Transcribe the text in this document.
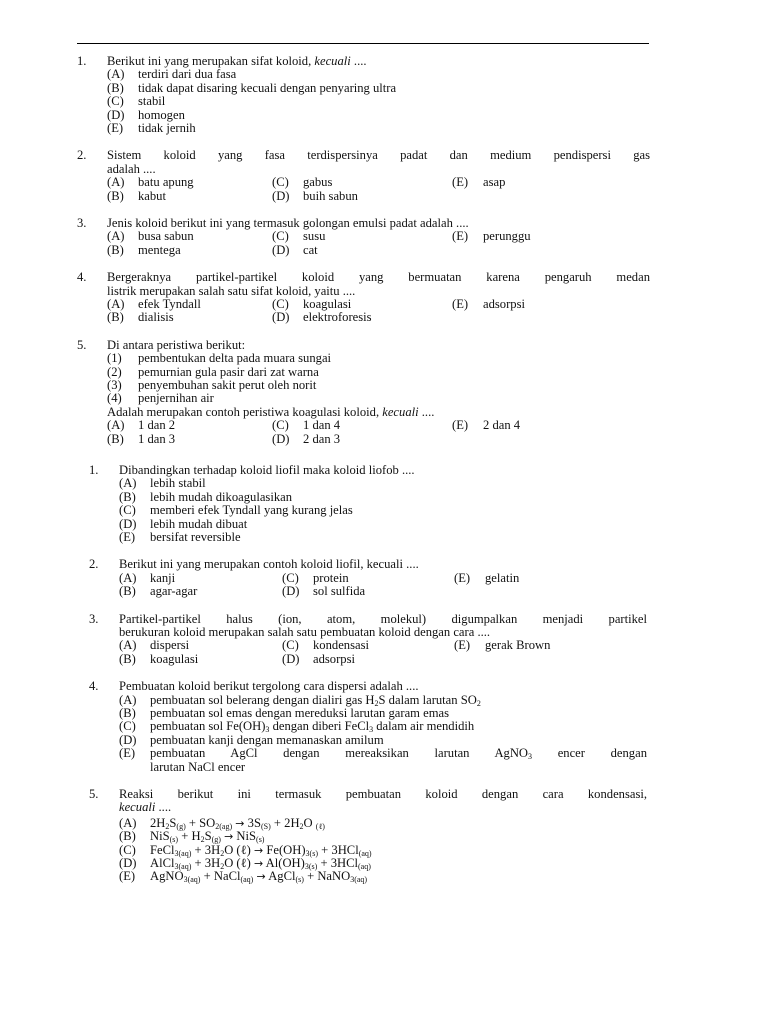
1. Berikut ini yang merupakan sifat koloid, kecuali ....
(A) terdiri dari dua fasa
(B) tidak dapat disaring kecuali dengan penyaring ultra
(C) stabil
(D) homogen
(E) tidak jernih
2. Sistem koloid yang fasa terdispersinya padat dan medium pendispersi gas
adalah ....
(A) batu apung	(C) gabus	(E) asap
(B) kabut	(D) buih sabun
3. Jenis koloid berikut ini yang termasuk golongan emulsi padat adalah ....
(A) busa sabun	(C) susu	(E) perunggu
(B) mentega	(D) cat
4. Bergeraknya partikel-partikel koloid yang bermuatan karena pengaruh medan
listrik merupakan salah satu sifat koloid, yaitu ....
(A) efek Tyndall	(C) koagulasi	(E) adsorpsi
(B) dialisis	(D) elektroforesis
5. Di antara peristiwa berikut:
(1) pembentukan delta pada muara sungai
(2) pemurnian gula pasir dari zat warna
(3) penyembuhan sakit perut oleh norit
(4) penjernihan air
Adalah merupakan contoh peristiwa koagulasi koloid, kecuali ....
(A) 1 dan 2	(C) 1 dan 4	(E) 2 dan 4
(B) 1 dan 3	(D) 2 dan 3
1. Dibandingkan terhadap koloid liofil maka koloid liofob ....
(A) lebih stabil
(B) lebih mudah dikoagulasikan
(C) memberi efek Tyndall yang kurang jelas
(D) lebih mudah dibuat
(E) bersifat reversible
2. Berikut ini yang merupakan contoh koloid liofil, kecuali ....
(A) kanji	(C) protein	(E) gelatin
(B) agar-agar	(D) sol sulfida
3. Partikel-partikel halus (ion, atom, molekul) digumpalkan menjadi partikel
berukuran koloid merupakan salah satu pembuatan koloid dengan cara ....
(A) dispersi	(C) kondensasi	(E) gerak Brown
(B) koagulasi	(D) adsorpsi
4. Pembuatan koloid berikut tergolong cara dispersi adalah ....
(A) pembuatan sol belerang dengan dialiri gas $H_2S$ dalam larutan $SO_2$
(B) pembuatan sol emas dengan mereduksi larutan garam emas
(C) pembuatan sol $Fe(OH)_3$ dengan diberi FeCl$_3$ dalam air mendidih
(D) pembuatan kanji dengan memanaskan amilum
(E) pembuatan AgCl dengan mereaksikan larutan AgNO$_3$ encer dengan
larutan NaCl encer
5. Reaksi berikut ini termasuk pembuatan koloid dengan cara kondensasi,
kecuali ....
(A) $2H_2S_{(g)} + SO_{2(ag)} \to 3S_{(S)} + 2H_2O$ $_{(\ell)}$
(B) $NiS_{(s)} + H_2S_{(g)} \to NiS_{(s)}$
(C) FeCl$_{3(aq)}$ + $3H_2O$ (ℓ) → $Fe(OH)_{3(s)} + 3HCl_{(aq)}$
(D) AlCl$_{3(aq)}$ + $3H_2O$ (ℓ) → $Al(OH)_{3(s)} + 3HCl_{(aq)}$
(E) AgNO$_{3(aq)}$ + NaCl$_{(aq)}$ → AgCl$_{(s)}$ + NaNO$_{3(aq)}$
